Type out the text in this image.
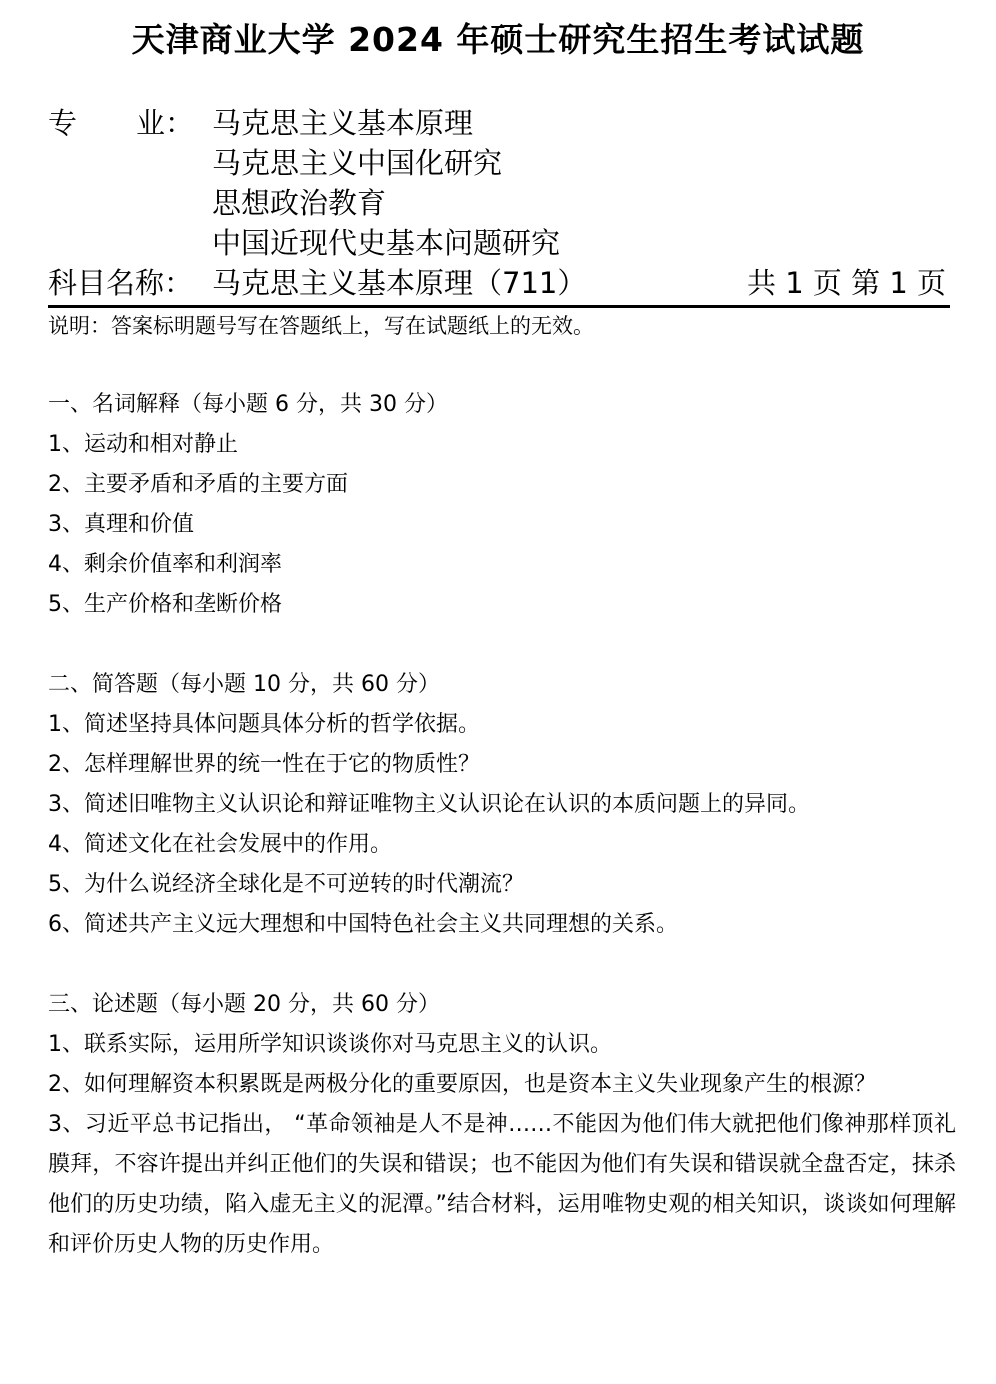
天津商业大学 2024 年硕士研究生招生考试试题
专 业： 马克思主义基本原理
马克思主义中国化研究
思想政治教育
中国近现代史基本问题研究
科目名称： 马克思主义基本原理（711）	共 1 页 第 1 页
说明：答案标明题号写在答题纸上，写在试题纸上的无效。
一、名词解释（每小题 6 分，共 30 分）
1、运动和相对静止
2、主要矛盾和矛盾的主要方面
3、真理和价值
4、剩余价值率和利润率
5、生产价格和垄断价格
二、简答题（每小题 10 分，共 60 分）
1、简述坚持具体问题具体分析的哲学依据。
2、怎样理解世界的统一性在于它的物质性？
3、简述旧唯物主义认识论和辩证唯物主义认识论在认识的本质问题上的异同。
4、简述文化在社会发展中的作用。
5、为什么说经济全球化是不可逆转的时代潮流？
6、简述共产主义远大理想和中国特色社会主义共同理想的关系。
三、论述题（每小题 20 分，共 60 分）
1、联系实际，运用所学知识谈谈你对马克思主义的认识。
2、如何理解资本积累既是两极分化的重要原因，也是资本主义失业现象产生的根源？
3、习近平总书记指出， “革命领袖是人不是神……不能因为他们伟大就把他们像神那样顶礼膜拜，不容许提出并纠正他们的失误和错误；也不能因为他们有失误和错误就全盘否定，抹杀他们的历史功绩，陷入虚无主义的泥潭。”结合材料，运用唯物史观的相关知识，谈谈如何理解和评价历史人物的历史作用。
